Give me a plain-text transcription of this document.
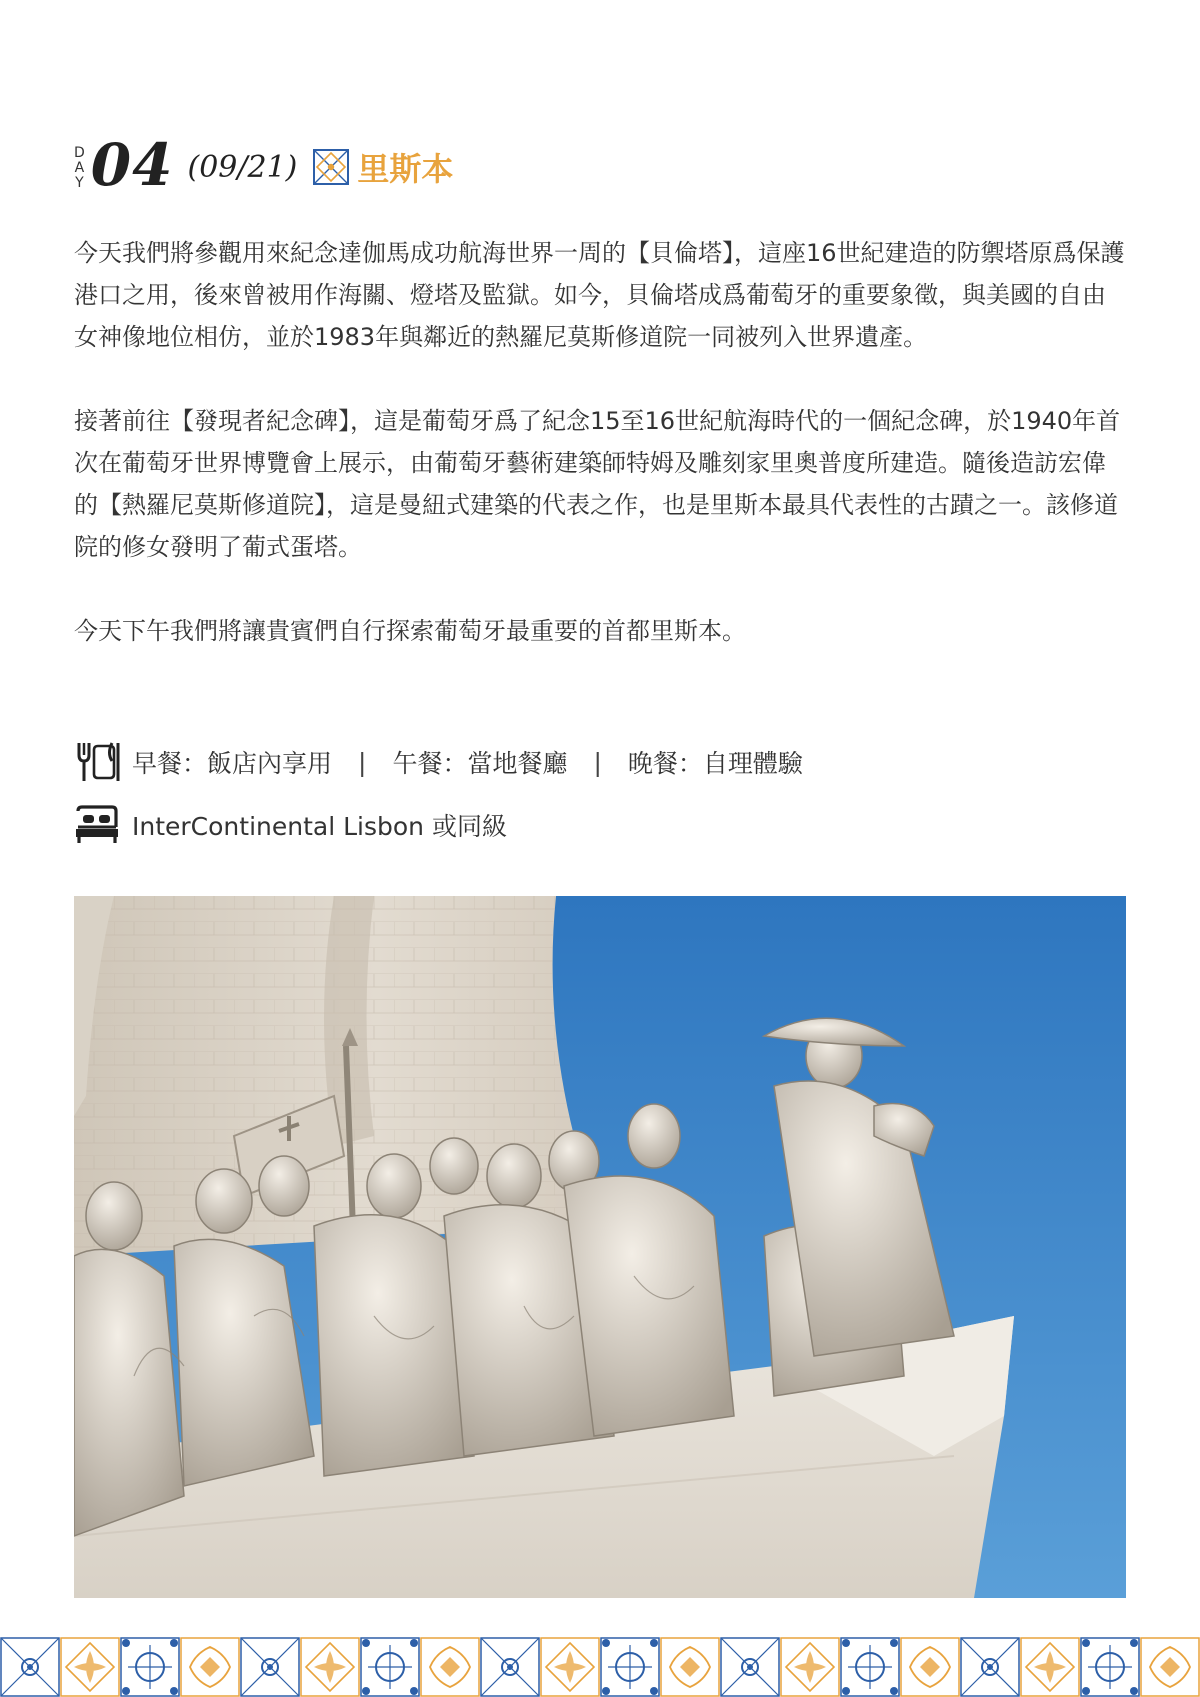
D
A
Y 04 (09/21) 里斯本

今天我們將參觀用來紀念達伽馬成功航海世界一周的【貝倫塔】，這座16世紀建造的防禦塔原爲保護港口之用，後來曾被用作海關、燈塔及監獄。如今，貝倫塔成爲葡萄牙的重要象徵，與美國的自由女神像地位相仿，並於1983年與鄰近的熱羅尼莫斯修道院一同被列入世界遺產。

接著前往【發現者紀念碑】，這是葡萄牙爲了紀念15至16世紀航海時代的一個紀念碑，於1940年首次在葡萄牙世界博覽會上展示，由葡萄牙藝術建築師特姆及雕刻家里奧普度所建造。隨後造訪宏偉的【熱羅尼莫斯修道院】，這是曼紐式建築的代表之作，也是里斯本最具代表性的古蹟之一。該修道院的修女發明了葡式蛋塔。

今天下午我們將讓貴賓們自行探索葡萄牙最重要的首都里斯本。

早餐：飯店內享用 | 午餐：當地餐廳 | 晚餐：自理體驗
InterContinental Lisbon 或同級
